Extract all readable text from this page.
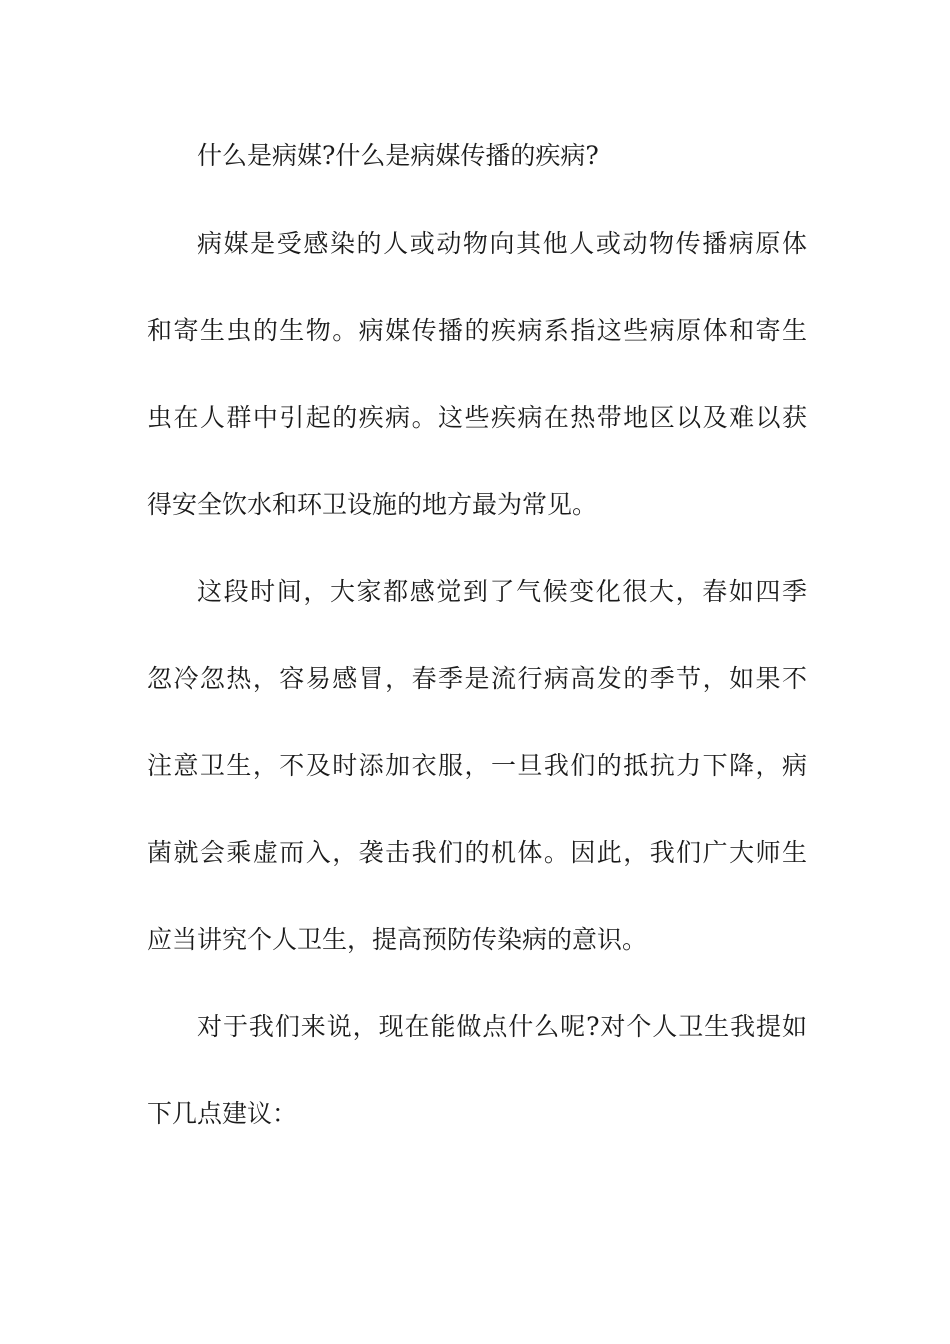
什么是病媒?什么是病媒传播的疾病?
病媒是受感染的人或动物向其他人或动物传播病原体
和寄生虫的生物。病媒传播的疾病系指这些病原体和寄生
虫在人群中引起的疾病。这些疾病在热带地区以及难以获
得安全饮水和环卫设施的地方最为常见。
这段时间，大家都感觉到了气候变化很大，春如四季
忽冷忽热，容易感冒，春季是流行病高发的季节，如果不
注意卫生，不及时添加衣服，一旦我们的抵抗力下降，病
菌就会乘虚而入，袭击我们的机体。因此，我们广大师生
应当讲究个人卫生，提高预防传染病的意识。
对于我们来说，现在能做点什么呢?对个人卫生我提如
下几点建议：
